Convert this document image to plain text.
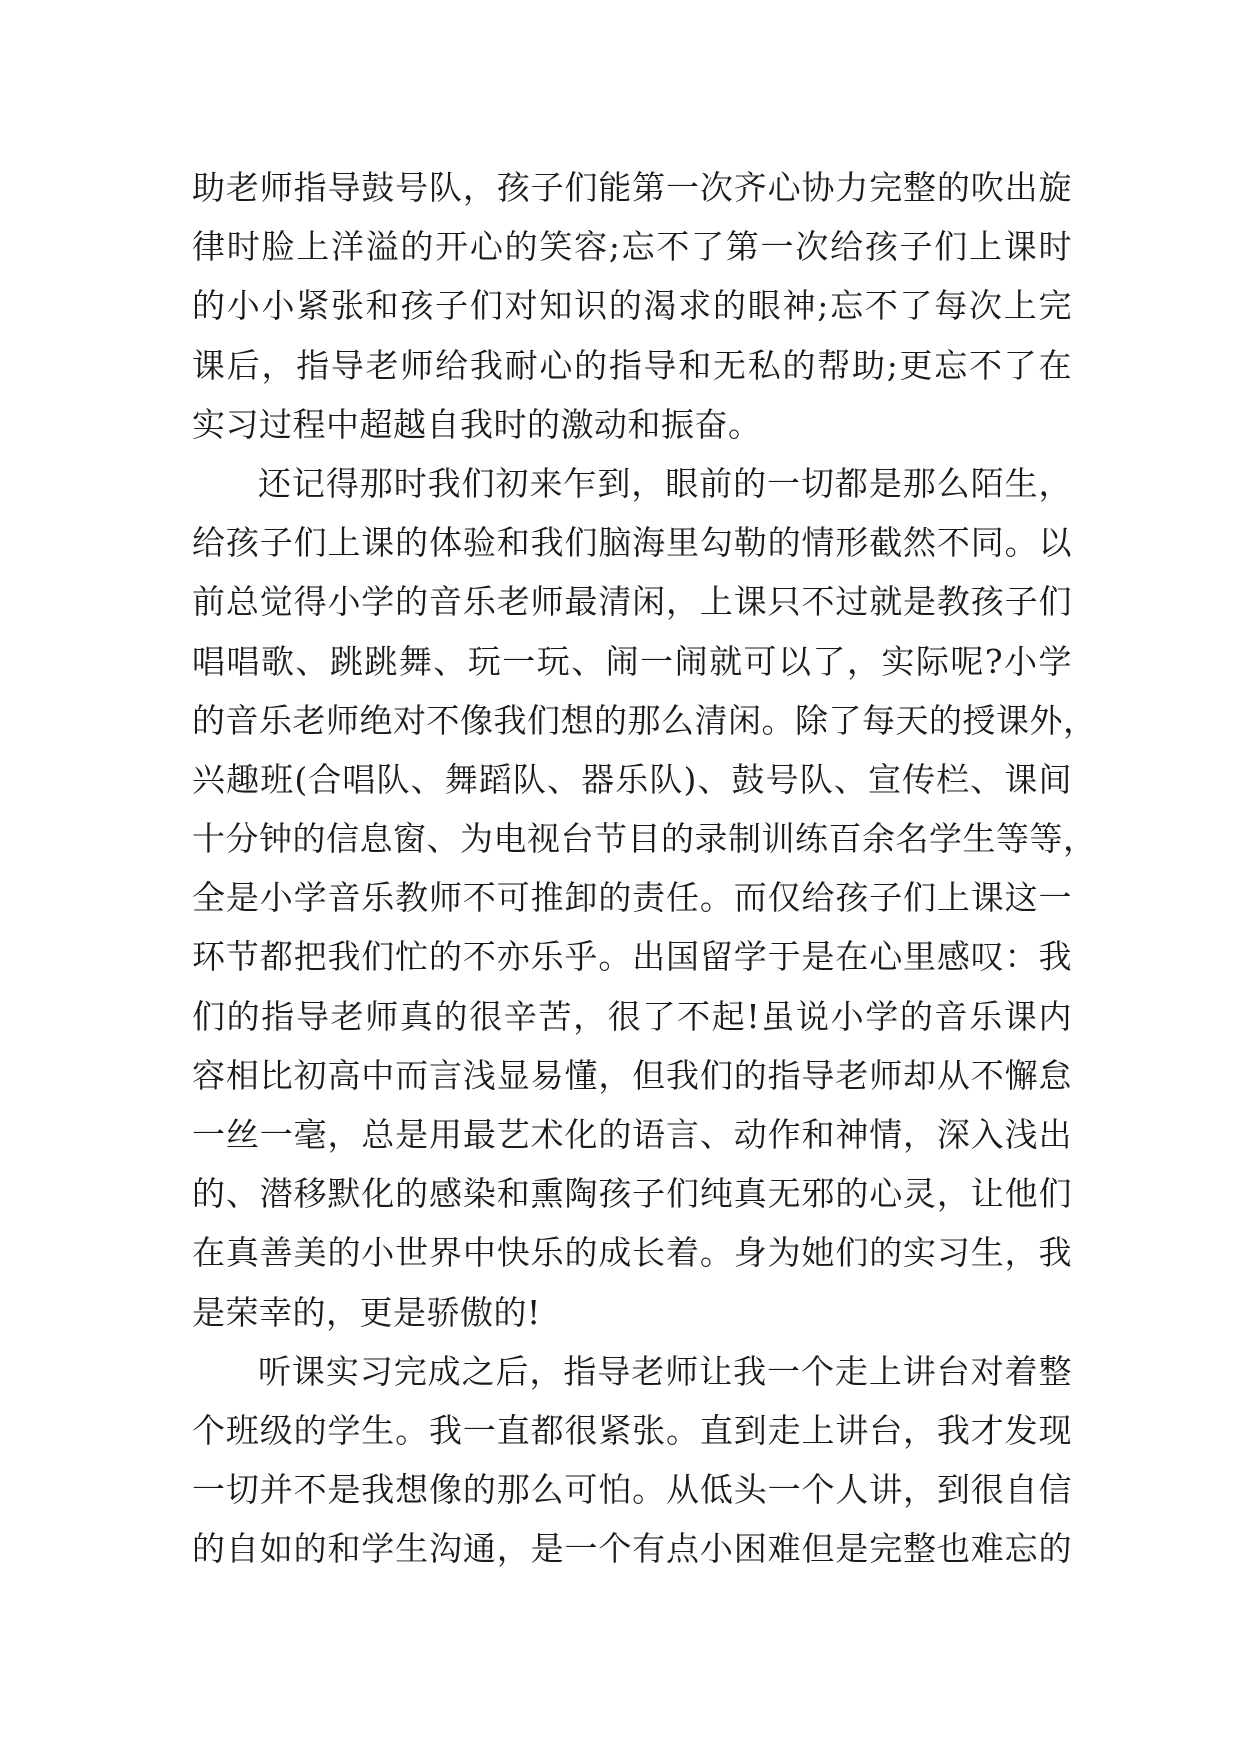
助老师指导鼓号队，孩子们能第一次齐心协力完整的吹出旋
律时脸上洋溢的开心的笑容;忘不了第一次给孩子们上课时
的小小紧张和孩子们对知识的渴求的眼神;忘不了每次上完
课后，指导老师给我耐心的指导和无私的帮助;更忘不了在
实习过程中超越自我时的激动和振奋。
还记得那时我们初来乍到，眼前的一切都是那么陌生，
给孩子们上课的体验和我们脑海里勾勒的情形截然不同。以
前总觉得小学的音乐老师最清闲，上课只不过就是教孩子们
唱唱歌、跳跳舞、玩一玩、闹一闹就可以了，实际呢?小学
的音乐老师绝对不像我们想的那么清闲。除了每天的授课外，
兴趣班(合唱队、舞蹈队、器乐队)、鼓号队、宣传栏、课间
十分钟的信息窗、为电视台节目的录制训练百余名学生等等，
全是小学音乐教师不可推卸的责任。而仅给孩子们上课这一
环节都把我们忙的不亦乐乎。出国留学于是在心里感叹：我
们的指导老师真的很辛苦，很了不起!虽说小学的音乐课内
容相比初高中而言浅显易懂，但我们的指导老师却从不懈怠
一丝一毫，总是用最艺术化的语言、动作和神情，深入浅出
的、潜移默化的感染和熏陶孩子们纯真无邪的心灵，让他们
在真善美的小世界中快乐的成长着。身为她们的实习生，我
是荣幸的，更是骄傲的!
听课实习完成之后，指导老师让我一个走上讲台对着整
个班级的学生。我一直都很紧张。直到走上讲台，我才发现
一切并不是我想像的那么可怕。从低头一个人讲，到很自信
的自如的和学生沟通，是一个有点小困难但是完整也难忘的
